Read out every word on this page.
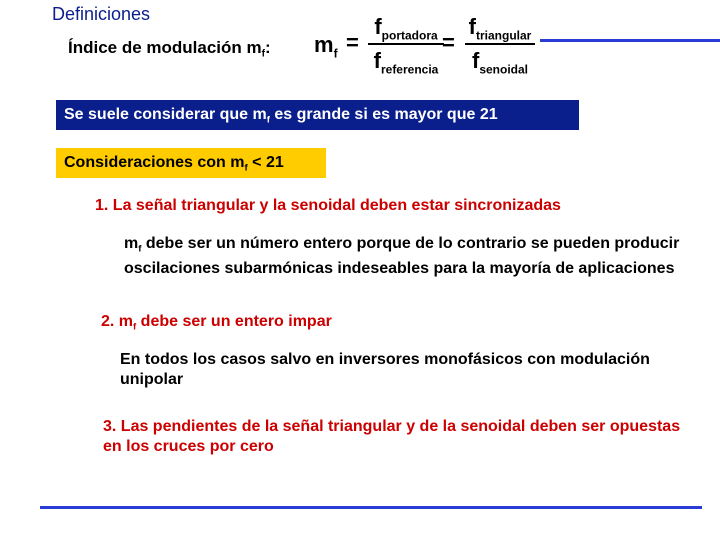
Definiciones
Índice de modulación $m_f$: $m_f$ =
$f_{portadora}$
$f_{referencia}$
=
$f_{triangular}$
$f_{senoidal}$
Se suele considerar que $m_f$ es grande si es mayor que 21
Consideraciones con $m_f < 21$
1. La señal triangular y la senoidal deben estar sincronizadas
$m_f$ debe ser un número entero porque de lo contrario se pueden producir oscilaciones subarmónicas indeseables para la mayoría de aplicaciones
2. $m_f$ debe ser un entero impar
En todos los casos salvo en inversores monofásicos con modulación unipolar
3. Las pendientes de la señal triangular y de la senoidal deben ser opuestas en los cruces por cero
